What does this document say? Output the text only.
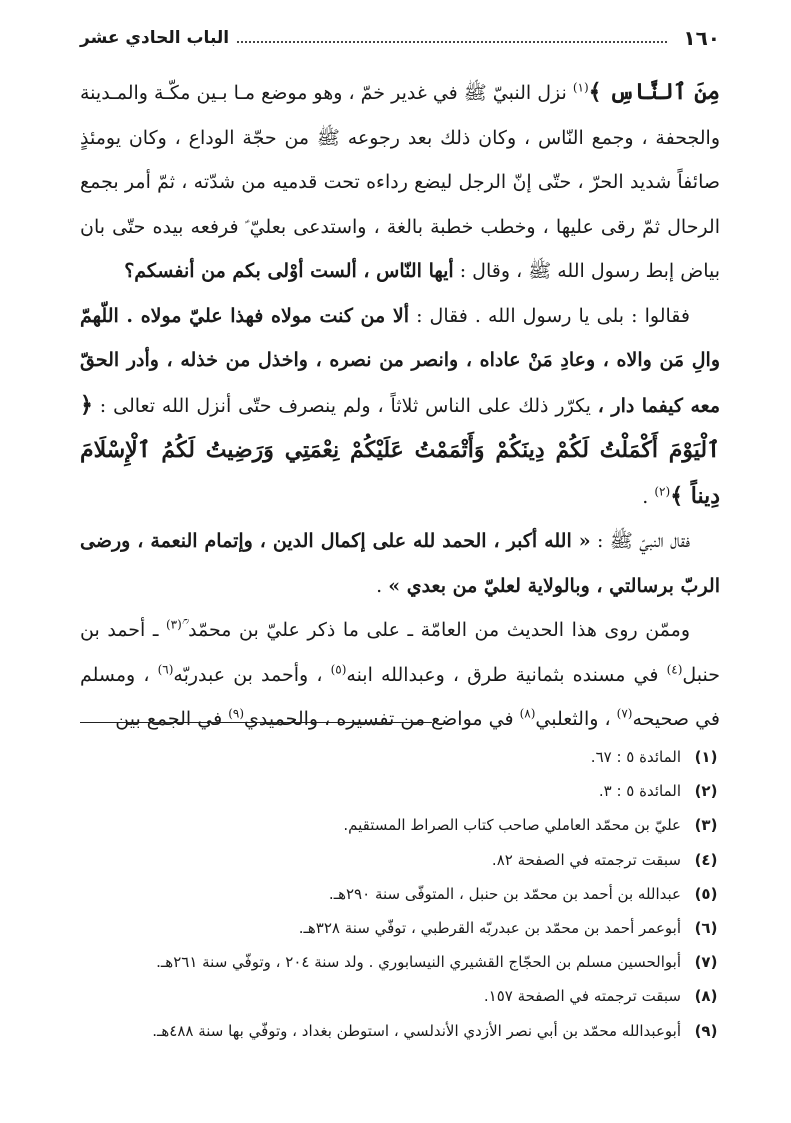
١٦٠
الباب الحادي عشر

مِنَ ٱلنَّاسِ ﴾$^{(١)}$ نزل النبيّ ﷺ في غدير خمّ ، وهو موضع مـا بـين مكّـة والمـدينة والجحفة ، وجمع النّاس ، وكان ذلك بعد رجوعه ﷺ من حجّة الوداع ، وكان يومئذٍ صائفاً شديد الحرّ ، حتّى إنّ الرجل ليضع رداءه تحت قدميه من شدّته ، ثمّ أمر بجمع الرحال ثمّ رقى عليها ، وخطب خطبة بالغة ، واستدعى بعليّ ؑ فرفعه بيده حتّى بان بياض إبط رسول الله ﷺ ، وقال : أيها النّاس ، ألست أوْلى بكم من أنفسكم؟

فقالوا : بلى يا رسول الله . فقال : ألا من كنت مولاه فهذا عليّ مولاه . اللّهمّ والِ مَن والاه ، وعادِ مَنْ عاداه ، وانصر من نصره ، واخذل من خذله ، وأدر الحقّ معه كيفما دار ، يكرّر ذلك على الناس ثلاثاً ، ولم ينصرف حتّى أنزل الله تعالى : ﴿ ٱلْيَوْمَ أَكْمَلْتُ لَكُمْ دِينَكُمْ وَأَتْمَمْتُ عَلَيْكُمْ نِعْمَتِي وَرَضِيتُ لَكُمُ ٱلْإِسْلَامَ دِيناً ﴾$^{(٢)}$ .

فقال النبيّ ﷺ : « الله أكبر ، الحمد لله على إكمال الدين ، وإتمام النعمة ، ورضى الربّ برسالتي ، وبالولاية لعليّ من بعدي » .

وممّن روى هذا الحديث من العامّة ـ على ما ذكر عليّ بن محمّد ؒ$^{(٣)}$ ـ أحمد بن حنبل$^{(٤)}$ في مسنده بثمانية طرق ، وعبدالله ابنه$^{(٥)}$ ، وأحمد بن عبدربّه$^{(٦)}$ ، ومسلم في صحيحه$^{(٧)}$ ، والثعلبي$^{(٨)}$ في مواضع من تفسيره ، والحميدي$^{(٩)}$ في الجمع بين

(١)
المائدة ٥ : ٦٧.
(٢)
المائدة ٥ : ٣.
(٣)
عليّ بن محمّد العاملي صاحب كتاب الصراط المستقيم.
(٤)
سبقت ترجمته في الصفحة ٨٢.
(٥)
عبدالله بن أحمد بن محمّد بن حنبل ، المتوفّى سنة ٢٩٠هـ.
(٦)
أبوعمر أحمد بن محمّد بن عبدربّه القرطبي ، توفّي سنة ٣٢٨هـ.
(٧)
أبوالحسين مسلم بن الحجّاج القشيري النيسابوري . ولد سنة ٢٠٤ ، وتوفّي سنة ٢٦١هـ.
(٨)
سبقت ترجمته في الصفحة ١٥٧.
(٩)
أبوعبدالله محمّد بن أبي نصر الأزدي الأندلسي ، استوطن بغداد ، وتوفّي بها سنة ٤٨٨هـ.
